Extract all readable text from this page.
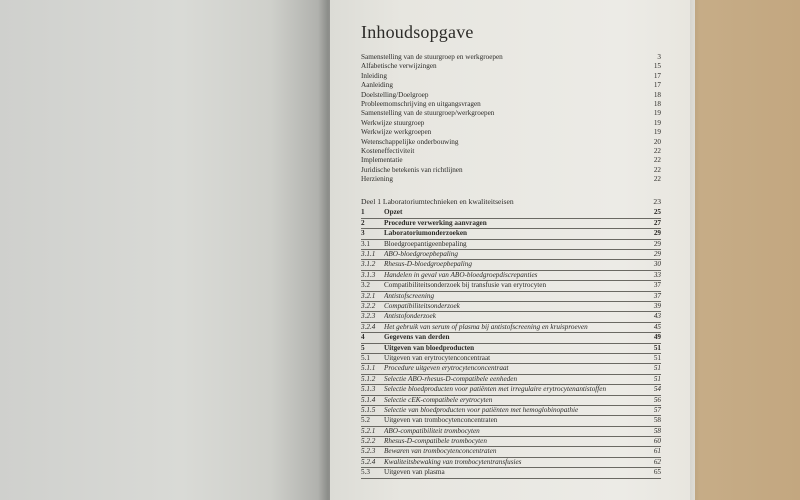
Inhoudsopgave
Samenstelling van de stuurgroep en werkgroepen	3
Alfabetische verwijzingen	15
Inleiding	17
Aanleiding	17
Doelstelling/Doelgroep	18
Probleemomschrijving en uitgangsvragen	18
Samenstelling van de stuurgroep/werkgroepen	19
Werkwijze stuurgroep	19
Werkwijze werkgroepen	19
Wetenschappelijke onderbouwing	20
Kosteneffectiviteit	22
Implementatie	22
Juridische betekenis van richtlijnen	22
Herziening	22
Deel 1 Laboratoriumtechnieken en kwaliteitseisen	23
1	Opzet	25
2	Procedure verwerking aanvragen	27
3	Laboratoriumonderzoeken	29
3.1	Bloedgroepantigeenbepaling	29
3.1.1	ABO-bloedgroepbepaling	29
3.1.2	Rhesus-D-bloedgroepbepaling	30
3.1.3	Handelen in geval van ABO-bloedgroepdiscrepanties	33
3.2	Compatibiliteitsonderzoek bij transfusie van erytrocyten	37
3.2.1	Antistofscreening	37
3.2.2	Compatibiliteitsonderzoek	39
3.2.3	Antistofonderzoek	43
3.2.4	Het gebruik van serum of plasma bij antistofscreening en kruisproeven	45
4	Gegevens van derden	49
5	Uitgeven van bloedproducten	51
5.1	Uitgeven van erytrocytenconcentraat	51
5.1.1	Procedure uitgeven erytrocytenconcentraat	51
5.1.2	Selectie ABO-rhesus-D-compatibele eenheden	51
5.1.3	Selectie bloedproducten voor patiënten met irregulaire erytrocytenantistoffen	54
5.1.4	Selectie cEK-compatibele erytrocyten	56
5.1.5	Selectie van bloedproducten voor patiënten met hemoglobinopathie	57
5.2	Uitgeven van trombocytenconcentraten	58
5.2.1	ABO-compatibiliteit trombocyten	58
5.2.2	Rhesus-D-compatibele trombocyten	60
5.2.3	Bewaren van trombocytenconcentraten	61
5.2.4	Kwaliteitsbewaking van trombocytentransfusies	62
5.3	Uitgeven van plasma	65
